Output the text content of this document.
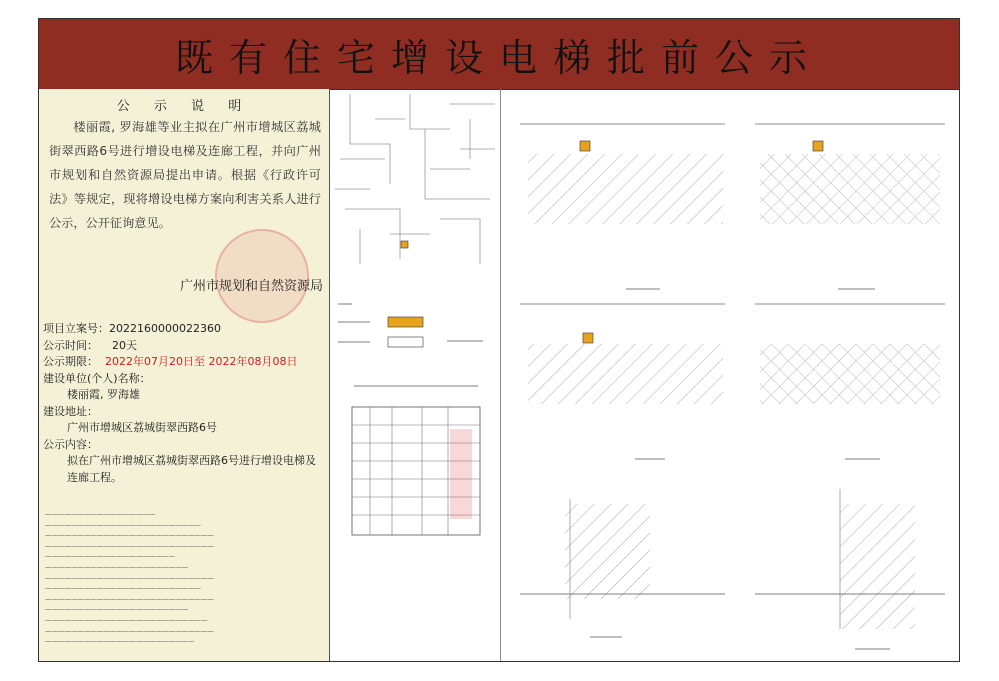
既有住宅增设电梯批前公示
公 示 说 明
楼丽霞, 罗海雄等业主拟在广州市增城区荔城街翠西路6号进行增设电梯及连廊工程，并向广州市规划和自然资源局提出申请。根据《行政许可法》等规定，现将增设电梯方案向利害关系人进行公示，公开征询意见。
广州市规划和自然资源局
项目立案号：2022160000022360
公示时间： 20天
公示期限： 2022年07月20日至 2022年08月08日
建设单位(个人)名称：
楼丽霞, 罗海雄
建设地址：
广州市增城区荔城街翠西路6号
公示内容：
拟在广州市增城区荔城街翠西路6号进行增设电梯及连廊工程。
—————————————————
————————————————————————
——————————————————————————
——————————————————————————
————————————————————
——————————————————————
——————————————————————————
————————————————————————
——————————————————————————
——————————————————————
—————————————————————————
——————————————————————————
———————————————————————
